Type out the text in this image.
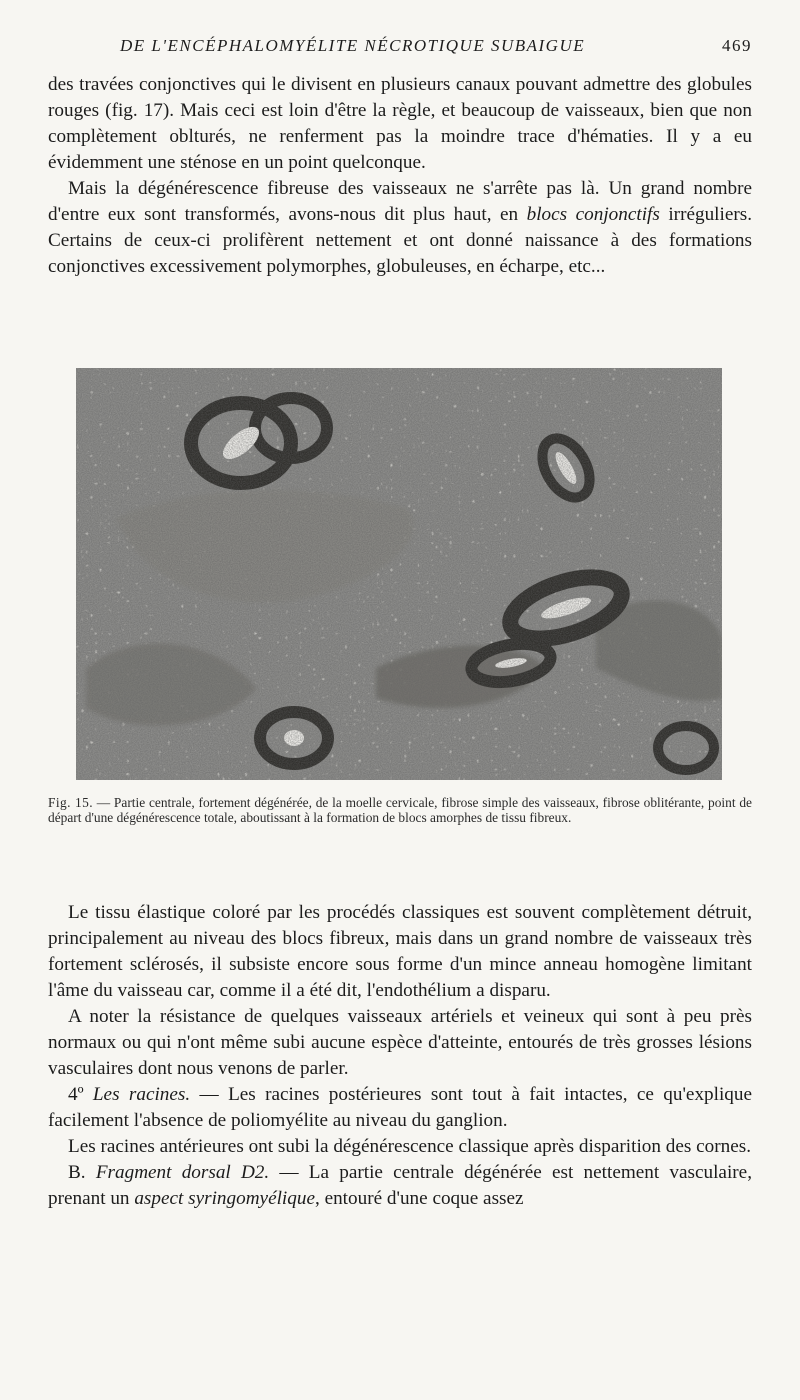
DE L'ENCÉPHALOMYÉLITE NÉCROTIQUE SUBAIGUE	469

des travées conjonctives qui le divisent en plusieurs canaux pouvant admettre des globules rouges (fig. 17). Mais ceci est loin d'être la règle, et beaucoup de vaisseaux, bien que non complètement oblturés, ne renferment pas la moindre trace d'hématies. Il y a eu évidemment une sténose en un point quelconque.

Mais la dégénérescence fibreuse des vaisseaux ne s'arrête pas là. Un grand nombre d'entre eux sont transformés, avons-nous dit plus haut, en blocs conjonctifs irréguliers. Certains de ceux-ci prolifèrent nettement et ont donné naissance à des formations conjonctives excessivement polymorphes, globuleuses, en écharpe, etc...

Fig. 15. — Partie centrale, fortement dégénérée, de la moelle cervicale, fibrose simple des vaisseaux, fibrose oblitérante, point de départ d'une dégénérescence totale, aboutissant à la formation de blocs amorphes de tissu fibreux.

Le tissu élastique coloré par les procédés classiques est souvent complètement détruit, principalement au niveau des blocs fibreux, mais dans un grand nombre de vaisseaux très fortement sclérosés, il subsiste encore sous forme d'un mince anneau homogène limitant l'âme du vaisseau car, comme il a été dit, l'endothélium a disparu.

A noter la résistance de quelques vaisseaux artériels et veineux qui sont à peu près normaux ou qui n'ont même subi aucune espèce d'atteinte, entourés de très grosses lésions vasculaires dont nous venons de parler.

4º Les racines. — Les racines postérieures sont tout à fait intactes, ce qu'explique facilement l'absence de poliomyélite au niveau du ganglion.

Les racines antérieures ont subi la dégénérescence classique après disparition des cornes.

B. Fragment dorsal D2. — La partie centrale dégénérée est nettement vasculaire, prenant un aspect syringomyélique, entouré d'une coque assez
